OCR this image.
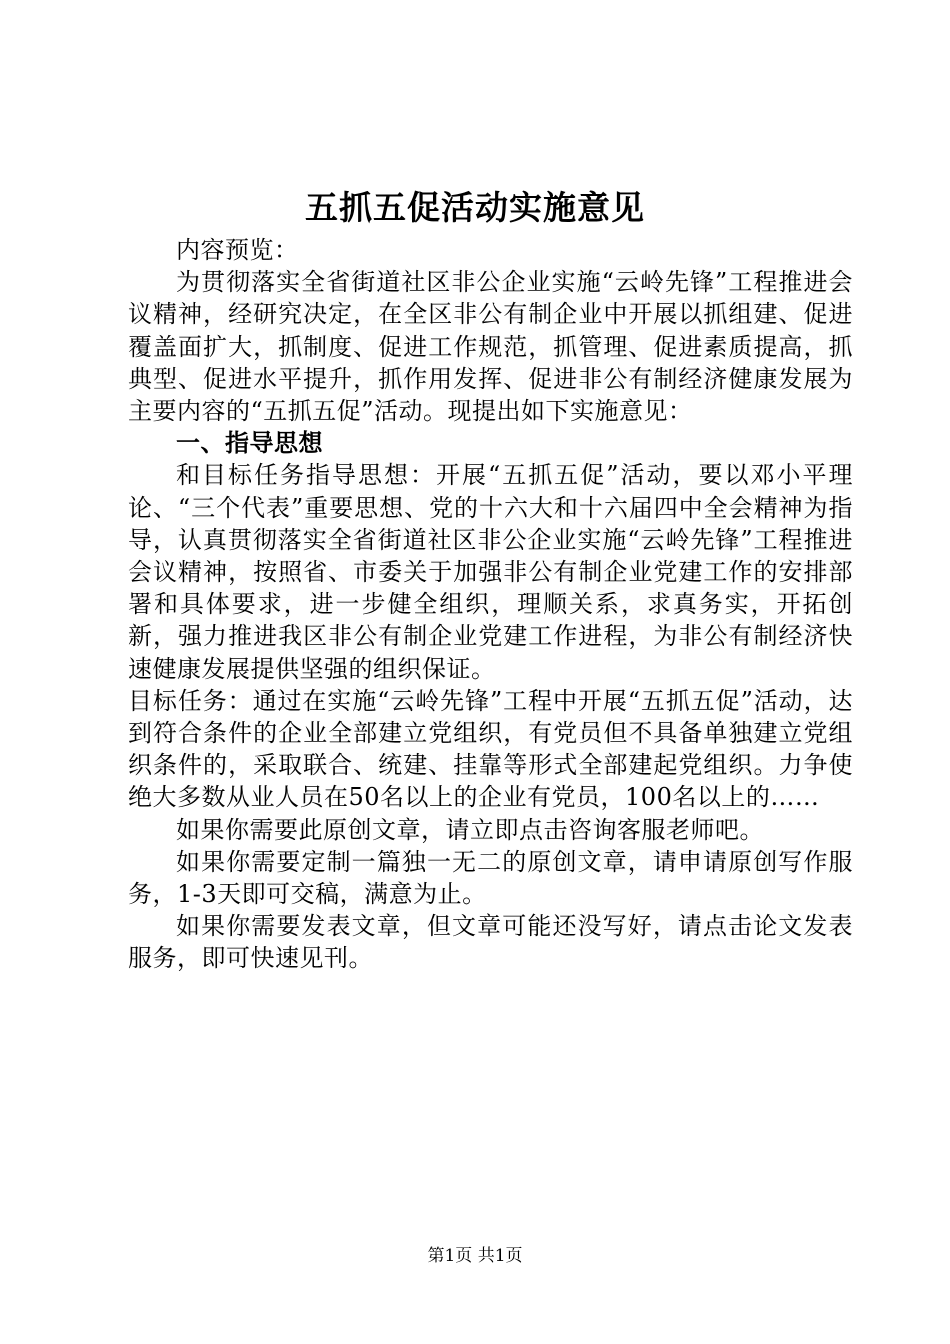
五抓五促活动实施意见

内容预览：

为贯彻落实全省街道社区非公企业实施“云岭先锋”工程推进会议精神，经研究决定，在全区非公有制企业中开展以抓组建、促进覆盖面扩大，抓制度、促进工作规范，抓管理、促进素质提高，抓典型、促进水平提升，抓作用发挥、促进非公有制经济健康发展为主要内容的“五抓五促”活动。现提出如下实施意见：

一、指导思想

和目标任务指导思想：开展“五抓五促”活动，要以邓小平理论、“三个代表”重要思想、党的十六大和十六届四中全会精神为指导，认真贯彻落实全省街道社区非公企业实施“云岭先锋”工程推进会议精神，按照省、市委关于加强非公有制企业党建工作的安排部署和具体要求，进一步健全组织，理顺关系，求真务实，开拓创新，强力推进我区非公有制企业党建工作进程，为非公有制经济快速健康发展提供坚强的组织保证。

目标任务：通过在实施“云岭先锋”工程中开展“五抓五促”活动，达到符合条件的企业全部建立党组织，有党员但不具备单独建立党组织条件的，采取联合、统建、挂靠等形式全部建起党组织。力争使绝大多数从业人员在50名以上的企业有党员，100名以上的……

如果你需要此原创文章，请立即点击咨询客服老师吧。

如果你需要定制一篇独一无二的原创文章，请申请原创写作服务，1-3天即可交稿，满意为止。

如果你需要发表文章，但文章可能还没写好，请点击论文发表服务，即可快速见刊。

第1页 共1页
